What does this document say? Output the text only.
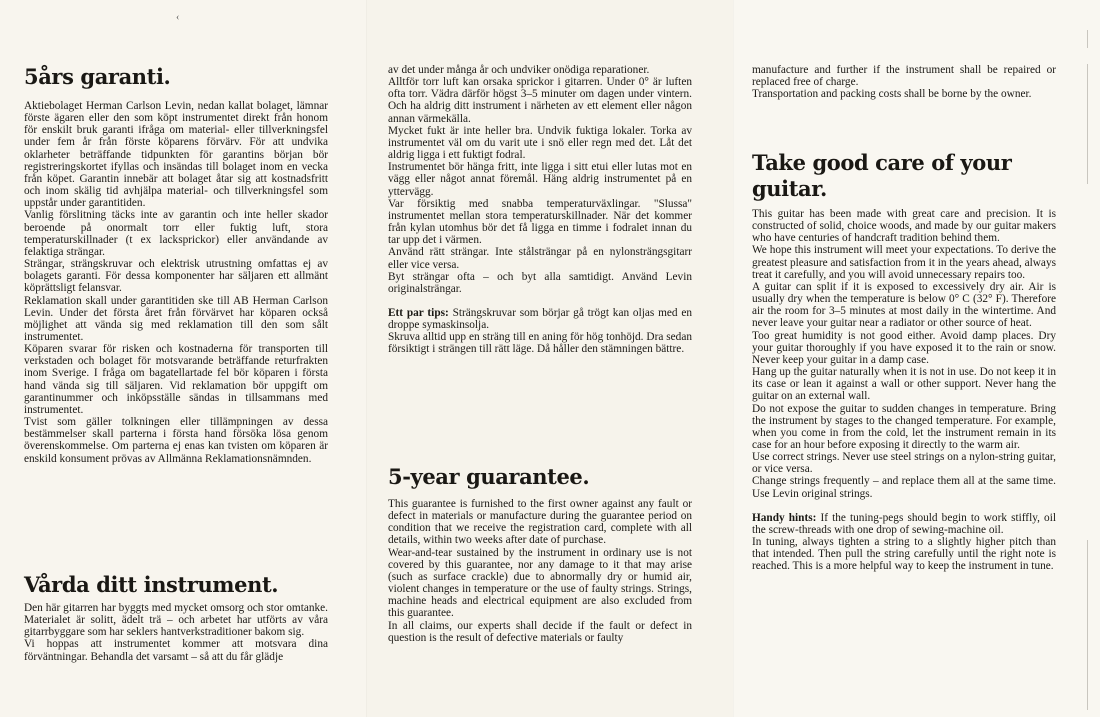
‹
5års garanti.

Aktiebolaget Herman Carlson Levin, nedan kallat bolaget, lämnar förste ägaren eller den som köpt instrumentet direkt från honom för enskilt bruk garanti ifråga om material- eller tillverkningsfel under fem år från förste köparens förvärv. För att undvika oklarheter beträffande tidpunkten för garantins början bör registreringskortet ifyllas och insändas till bolaget inom en vecka från köpet. Garantin innebär att bolaget åtar sig att kostnadsfritt och inom skälig tid avhjälpa material- och tillverkningsfel som uppstår under garantitiden.

Vanlig förslitning täcks inte av garantin och inte heller skador beroende på onormalt torr eller fuktig luft, stora temperaturskillnader (t ex lacksprickor) eller användande av felaktiga strängar.

Strängar, strängskruvar och elektrisk utrustning omfattas ej av bolagets garanti. För dessa komponenter har säljaren ett allmänt köprättsligt felansvar.

Reklamation skall under garantitiden ske till AB Herman Carlson Levin. Under det första året från förvärvet har köparen också möjlighet att vända sig med reklamation till den som sålt instrumentet.

Köparen svarar för risken och kostnaderna för transporten till verkstaden och bolaget för motsvarande beträffande returfrakten inom Sverige. I fråga om bagatellartade fel bör köparen i första hand vända sig till säljaren. Vid reklamation bör uppgift om garantinummer och inköpsställe sändas in tillsammans med instrumentet.

Tvist som gäller tolkningen eller tillämpningen av dessa bestämmelser skall parterna i första hand försöka lösa genom överenskommelse. Om parterna ej enas kan tvisten om köparen är enskild konsument prövas av Allmänna Reklamationsnämnden.

Vårda ditt instrument.

Den här gitarren har byggts med mycket omsorg och stor omtanke. Materialet är solitt, ädelt trä – och arbetet har utförts av våra gitarrbyggare som har seklers hantverkstraditioner bakom sig.

Vi hoppas att instrumentet kommer att motsvara dina förväntningar. Behandla det varsamt – så att du får glädje

av det under många år och undviker onödiga reparationer.

Alltför torr luft kan orsaka sprickor i gitarren. Under 0° är luften ofta torr. Vädra därför högst 3–5 minuter om dagen under vintern. Och ha aldrig ditt instrument i närheten av ett element eller någon annan värmekälla.

Mycket fukt är inte heller bra. Undvik fuktiga lokaler. Torka av instrumentet väl om du varit ute i snö eller regn med det. Låt det aldrig ligga i ett fuktigt fodral.

Instrumentet bör hänga fritt, inte ligga i sitt etui eller lutas mot en vägg eller något annat föremål. Häng aldrig instrumentet på en yttervägg.

Var försiktig med snabba temperaturväxlingar. "Slussa" instrumentet mellan stora temperaturskillnader. När det kommer från kylan utomhus bör det få ligga en timme i fodralet innan du tar upp det i värmen.

Använd rätt strängar. Inte stålsträngar på en nylonsträngsgitarr eller vice versa.

Byt strängar ofta – och byt alla samtidigt. Använd Levin originalsträngar.

Ett par tips: Strängskruvar som börjar gå trögt kan oljas med en droppe symaskinsolja.

Skruva alltid upp en sträng till en aning för hög tonhöjd. Dra sedan försiktigt i strängen till rätt läge. Då håller den stämningen bättre.

5-year guarantee.

This guarantee is furnished to the first owner against any fault or defect in materials or manufacture during the guarantee period on condition that we receive the registration card, complete with all details, within two weeks after date of purchase.

Wear-and-tear sustained by the instrument in ordinary use is not covered by this guarantee, nor any damage to it that may arise (such as surface crackle) due to abnormally dry or humid air, violent changes in temperature or the use of faulty strings. Strings, machine heads and electrical equipment are also excluded from this guarantee.

In all claims, our experts shall decide if the fault or defect in question is the result of defective materials or faulty

manufacture and further if the instrument shall be repaired or replaced free of charge.

Transportation and packing costs shall be borne by the owner.

Take good care of your guitar.

This guitar has been made with great care and precision. It is constructed of solid, choice woods, and made by our guitar makers who have centuries of handcraft tradition behind them.

We hope this instrument will meet your expectations. To derive the greatest pleasure and satisfaction from it in the years ahead, always treat it carefully, and you will avoid unnecessary repairs too.

A guitar can split if it is exposed to excessively dry air. Air is usually dry when the temperature is below 0° C (32° F). Therefore air the room for 3–5 minutes at most daily in the wintertime. And never leave your guitar near a radiator or other source of heat.

Too great humidity is not good either. Avoid damp places. Dry your guitar thoroughly if you have exposed it to the rain or snow. Never keep your guitar in a damp case.

Hang up the guitar naturally when it is not in use. Do not keep it in its case or lean it against a wall or other support. Never hang the guitar on an external wall.

Do not expose the guitar to sudden changes in temperature. Bring the instrument by stages to the changed temperature. For example, when you come in from the cold, let the instrument remain in its case for an hour before exposing it directly to the warm air.

Use correct strings. Never use steel strings on a nylon-string guitar, or vice versa.

Change strings frequently – and replace them all at the same time. Use Levin original strings.

Handy hints: If the tuning-pegs should begin to work stiffly, oil the screw-threads with one drop of sewing-machine oil.

In tuning, always tighten a string to a slightly higher pitch than that intended. Then pull the string carefully until the right note is reached. This is a more helpful way to keep the instrument in tune.
